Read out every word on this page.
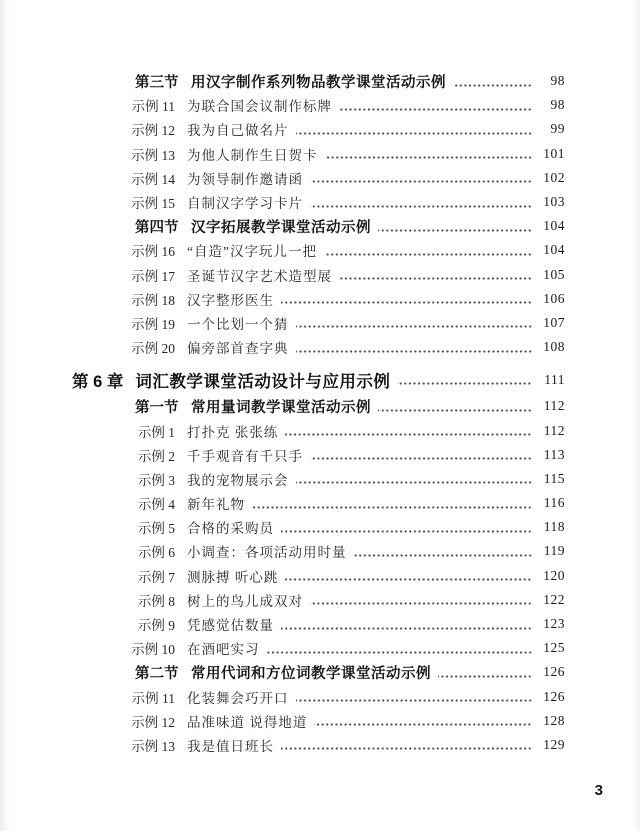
第三节 用汉字制作系列物品教学课堂活动示例	98
示例 11 为联合国会议制作标牌	98
示例 12 我为自己做名片	99
示例 13 为他人制作生日贺卡	101
示例 14 为领导制作邀请函	102
示例 15 自制汉字学习卡片	103
第四节 汉字拓展教学课堂活动示例	104
示例 16 “自造”汉字玩儿一把	104
示例 17 圣诞节汉字艺术造型展	105
示例 18 汉字整形医生	106
示例 19 一个比划一个猜	107
示例 20 偏旁部首查字典	108
第 6 章 词汇教学课堂活动设计与应用示例	111
第一节 常用量词教学课堂活动示例	112
示例 1 打扑克 张张练	112
示例 2 千手观音有千只手	113
示例 3 我的宠物展示会	115
示例 4 新年礼物	116
示例 5 合格的采购员	118
示例 6 小调查：各项活动用时量	119
示例 7 测脉搏 听心跳	120
示例 8 树上的鸟儿成双对	122
示例 9 凭感觉估数量	123
示例 10 在酒吧实习	125
第二节 常用代词和方位词教学课堂活动示例	126
示例 11 化装舞会巧开口	126
示例 12 品准味道 说得地道	128
示例 13 我是值日班长	129
3
